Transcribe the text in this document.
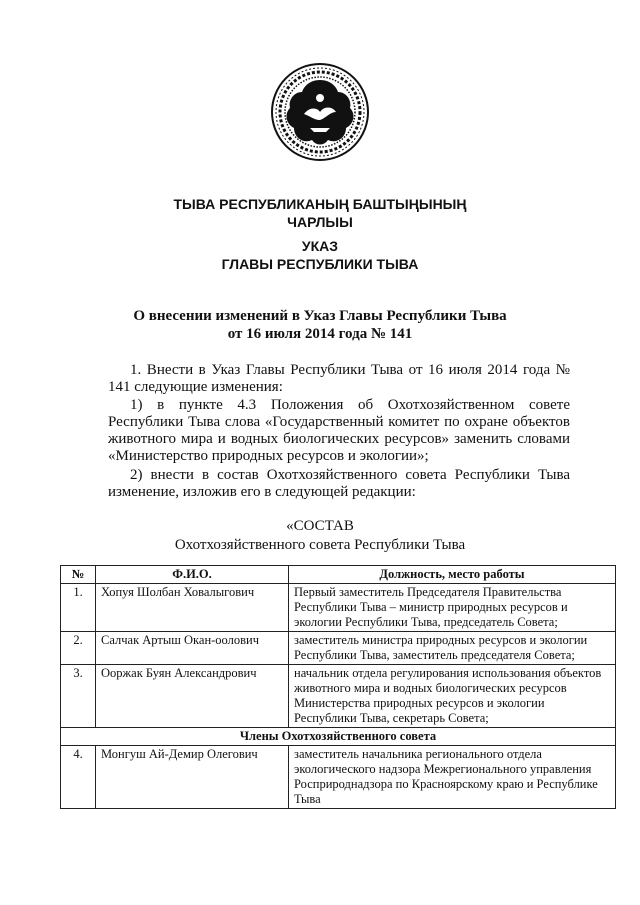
ТЫВА РЕСПУБЛИКАНЫҢ БАШТЫҢЫНЫҢ
ЧАРЛЫЫ
УКАЗ
ГЛАВЫ РЕСПУБЛИКИ ТЫВА
О внесении изменений в Указ Главы Республики Тыва
от 16 июля 2014 года № 141
1. Внести в Указ Главы Республики Тыва от 16 июля 2014 года № 141 следующие изменения:
1) в пункте 4.3 Положения об Охотхозяйственном совете Республики Тыва слова «Государственный комитет по охране объектов животного мира и водных биологических ресурсов» заменить словами «Министерство природных ресурсов и экологии»;
2) внести в состав Охотхозяйственного совета Республики Тыва изменение, изложив его в следующей редакции:
«СОСТАВ
Охотхозяйственного совета Республики Тыва
№	Ф.И.О.	Должность, место работы
1.	Хопуя Шолбан Ховалыгович	Первый заместитель Председателя Правительства Республики Тыва – министр природных ресурсов и экологии Республики Тыва, председатель Совета;
2.	Салчак Артыш Окан-оолович	заместитель министра природных ресурсов и экологии Республики Тыва, заместитель председателя Совета;
3.	Ооржак Буян Александрович	начальник отдела регулирования использования объектов животного мира и водных биологических ресурсов Министерства природных ресурсов и экологии Республики Тыва, секретарь Совета;
Члены Охотхозяйственного совета		
4.	Монгуш Ай-Демир Олегович	заместитель начальника регионального отдела экологического надзора Межрегионального управления Росприроднадзора по Красноярскому краю и Республике Тыва
